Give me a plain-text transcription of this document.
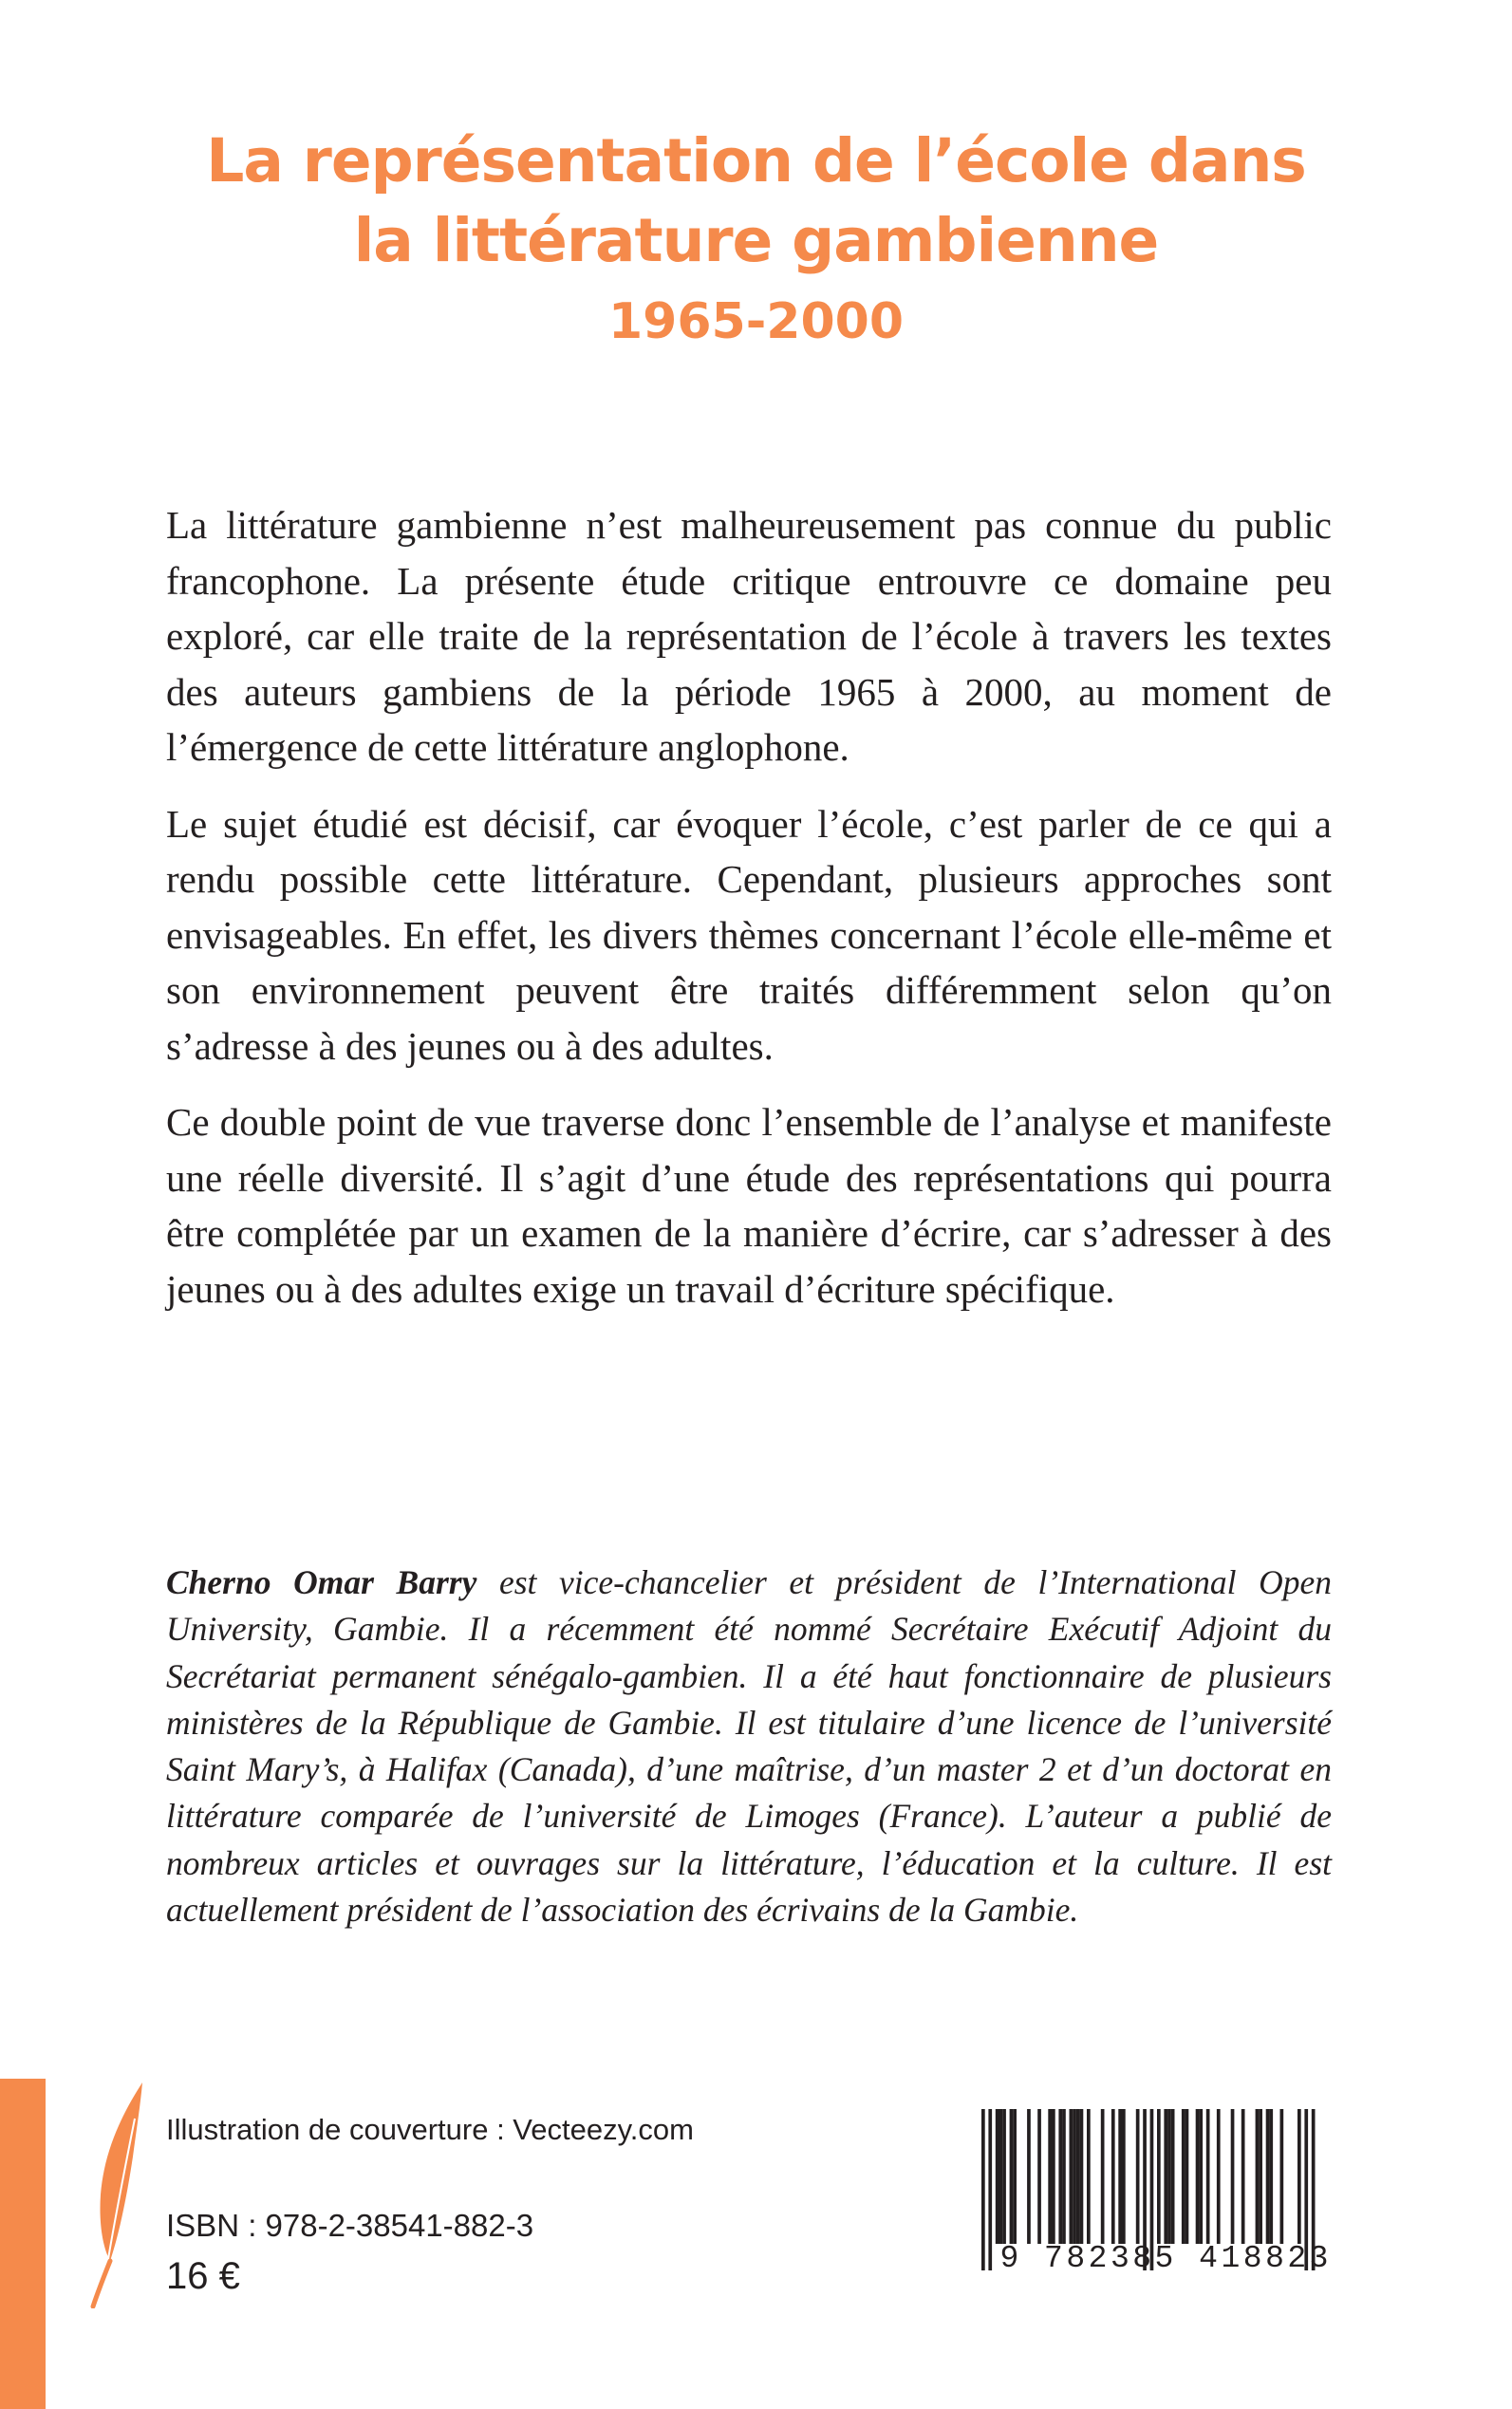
La représentation de l’école dans
la littérature gambienne
1965-2000

La littérature gambienne n’est malheureusement pas connue du public francophone. La présente étude critique entrouvre ce domaine peu exploré, car elle traite de la représentation de l’école à travers les textes des auteurs gambiens de la période 1965 à 2000, au moment de l’émergence de cette littérature anglophone.

Le sujet étudié est décisif, car évoquer l’école, c’est parler de ce qui a rendu possible cette littérature. Cependant, plusieurs approches sont envisageables. En effet, les divers thèmes concernant l’école elle-même et son environnement peuvent être traités différemment selon qu’on s’adresse à des jeunes ou à des adultes.

Ce double point de vue traverse donc l’ensemble de l’analyse et manifeste une réelle diversité. Il s’agit d’une étude des représentations qui pourra être complétée par un examen de la manière d’écrire, car s’adresser à des jeunes ou à des adultes exige un travail d’écriture spécifique.

Cherno Omar Barry est vice-chancelier et président de l’International Open University, Gambie. Il a récemment été nommé Secrétaire Exécutif Adjoint du Secrétariat permanent sénégalo-gambien. Il a été haut fonctionnaire de plusieurs ministères de la République de Gambie. Il est titulaire d’une licence de l’université Saint Mary’s, à Halifax (Canada), d’une maîtrise, d’un master 2 et d’un doctorat en littérature comparée de l’université de Limoges (France). L’auteur a publié de nombreux articles et ouvrages sur la littérature, l’éducation et la culture. Il est actuellement président de l’association des écrivains de la Gambie.
Illustration de couverture : Vecteezy.com
ISBN : 978-2-38541-882-3
16 €	9 782385 418823
